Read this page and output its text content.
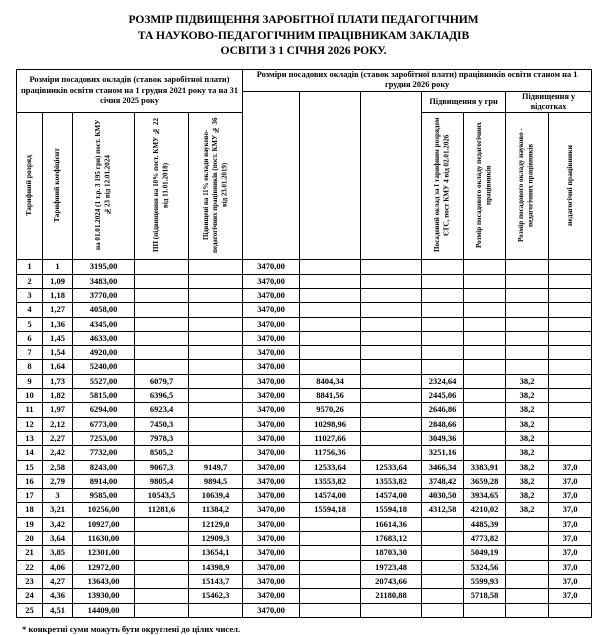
РОЗМІР ПІДВИЩЕННЯ ЗАРОБІТНОЇ ПЛАТИ ПЕДАГОГІЧНИМ
ТА НАУКОВО-ПЕДАГОГІЧНИМ ПРАЦІВНИКАМ ЗАКЛАДІВ
ОСВІТИ З 1 СІЧНЯ 2026 РОКУ.
Розміри посадових окладів (ставок заробітної плати) працівників освіти станом на 1 грудня 2021 року та на 31 січня 2025 року					Розміри посадових окладів (ставок заробітної плати) працівників освіти станом на 1 грудня 2026 року							
								Підвищення у грн		Підвищення у відсотках		
Тарифний розряд	Тарифний коефіцієнт	на 01.01.2024 (1 т.р. 3 195 грн) пост. КМУ №23 від 12.01.2024	ПП (підвищення на 10% пост. КМУ № 22 від 11.01.2018)	Підвищені на 11% оклади науково-педагогічних працівників (пост. КМУ № 36 від 23.01.2019)				Посадовий оклад за І тарифним розрядом ЄТС, пост КМУ 4 від 02.01.2026	Розмір посадового окладу педагогічних працівників	Розмір посадового окладу науково - педагогічних працівників	педагогічні працівники			
1	1	3195,00			3470,00							
2	1,09	3483,00			3470,00							
3	1,18	3770,00			3470,00							
4	1,27	4058,00			3470,00							
5	1,36	4345,00			3470,00							
6	1,45	4633,00			3470,00							
7	1,54	4920,00			3470,00							
8	1,64	5240,00			3470,00							
9	1,73	5527,00	6079,7		3470,00	8404,34		2324,64		38,2		
10	1,82	5815,00	6396,5		3470,00	8841,56		2445,06		38,2		
11	1,97	6294,00	6923,4		3470,00	9570,26		2646,86		38,2		
12	2,12	6773,00	7450,3		3470,00	10298,96		2848,66		38,2		
13	2,27	7253,00	7978,3		3470,00	11027,66		3049,36		38,2		
14	2,42	7732,00	8505,2		3470,00	11756,36		3251,16		38,2		
15	2,58	8243,00	9067,3	9149,7	3470,00	12533,64	12533,64	3466,34	3383,91	38,2	37,0	
16	2,79	8914,00	9805,4	9894,5	3470,00	13553,82	13553,82	3748,42	3659,28	38,2	37,0	
17	3	9585,00	10543,5	10639,4	3470,00	14574,00	14574,00	4030,50	3934,65	38,2	37,0	
18	3,21	10256,00	11281,6	11384,2	3470,00	15594,18	15594,18	4312,58	4210,02	38,2	37,0	
19	3,42	10927,00		12129,0	3470,00		16614,36		4485,39		37,0	
20	3,64	11630,00		12909,3	3470,00		17683,12		4773,82		37,0	
21	3,85	12301,00		13654,1	3470,00		18703,30		5049,19		37,0	
22	4,06	12972,00		14398,9	3470,00		19723,48		5324,56		37,0	
23	4,27	13643,00		15143,7	3470,00		20743,66		5599,93		37,0	
24	4,36	13930,00		15462,3	3470,00		21180,88		5718,58		37,0	
25	4,51	14409,00			3470,00							
* конкретні суми можуть бути округлені до цілих чисел.
